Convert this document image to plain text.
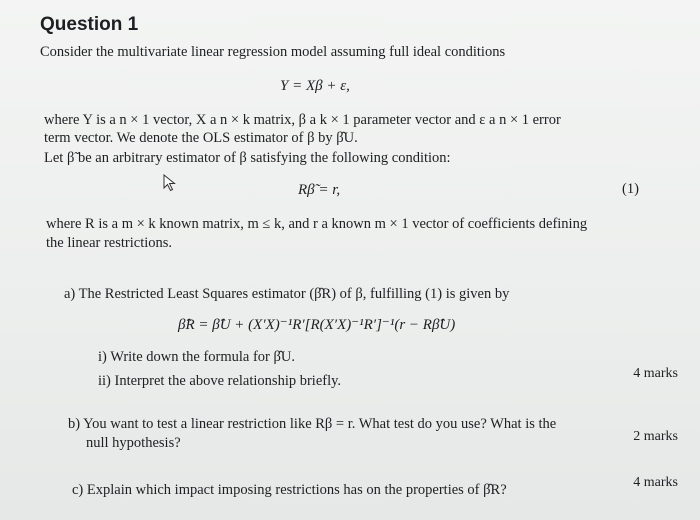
Question 1
Consider the multivariate linear regression model assuming full ideal conditions
Y = Xβ + ε,
where Y is a n × 1 vector, X a n × k matrix, β a k × 1 parameter vector and ε a n × 1 error
term vector. We denote the OLS estimator of β by β̂U.
Let β̃ be an arbitrary estimator of β satisfying the following condition:
Rβ̃ = r,	(1)
where R is a m × k known matrix, m ≤ k, and r a known m × 1 vector of coefficients defining
the linear restrictions.
a) The Restricted Least Squares estimator (β̂R) of β, fulfilling (1) is given by
β̂R = β̂U + (X′X)⁻¹R′[R(X′X)⁻¹R′]⁻¹(r − Rβ̂U)
i) Write down the formula for β̂U.
ii) Interpret the above relationship briefly.	4 marks
b) You want to test a linear restriction like Rβ = r. What test do you use? What is the
null hypothesis?	2 marks
c) Explain which impact imposing restrictions has on the properties of β̂R?	4 marks
